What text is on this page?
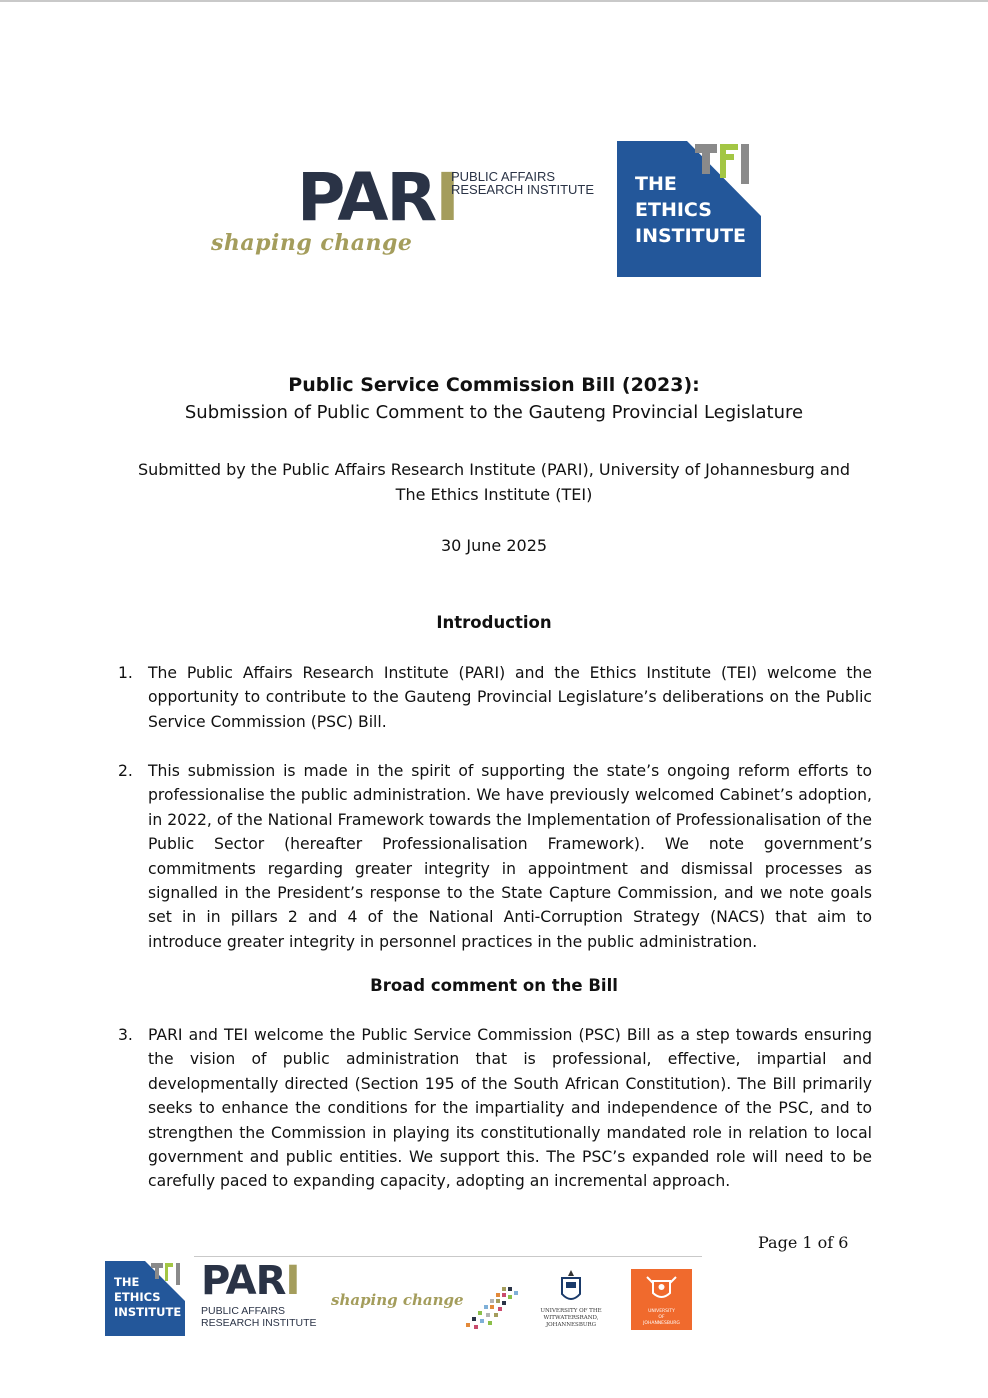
PARI
PUBLIC AFFAIRS
RESEARCH INSTITUTE
shaping change
THE
ETHICS
INSTITUTE
Public Service Commission Bill (2023):
Submission of Public Comment to the Gauteng Provincial Legislature
Submitted by the Public Affairs Research Institute (PARI), University of Johannesburg and
The Ethics Institute (TEI)
30 June 2025
Introduction
1. The Public Affairs Research Institute (PARI) and the Ethics Institute (TEI) welcome the opportunity to contribute to the Gauteng Provincial Legislature’s deliberations on the Public Service Commission (PSC) Bill.
2. This submission is made in the spirit of supporting the state’s ongoing reform efforts to professionalise the public administration. We have previously welcomed Cabinet’s adoption, in 2022, of the National Framework towards the Implementation of Professionalisation of the Public Sector (hereafter Professionalisation Framework). We note government’s commitments regarding greater integrity in appointment and dismissal processes as signalled in the President’s response to the State Capture Commission, and we note goals set in in pillars 2 and 4 of the National Anti-Corruption Strategy (NACS) that aim to introduce greater integrity in personnel practices in the public administration.
Broad comment on the Bill
3. PARI and TEI welcome the Public Service Commission (PSC) Bill as a step towards ensuring the vision of public administration that is professional, effective, impartial and developmentally directed (Section 195 of the South African Constitution). The Bill primarily seeks to enhance the conditions for the impartiality and independence of the PSC, and to strengthen the Commission in playing its constitutionally mandated role in relation to local government and public entities. We support this. The PSC’s expanded role will need to be carefully paced to expanding capacity, adopting an incremental approach.
Page 1 of 6
THE
ETHICS
INSTITUTE
PARI
PUBLIC AFFAIRS
RESEARCH INSTITUTE
shaping change
UNIVERSITY OF THE
WITWATERSRAND,
JOHANNESBURG
UNIVERSITY
OF
JOHANNESBURG
